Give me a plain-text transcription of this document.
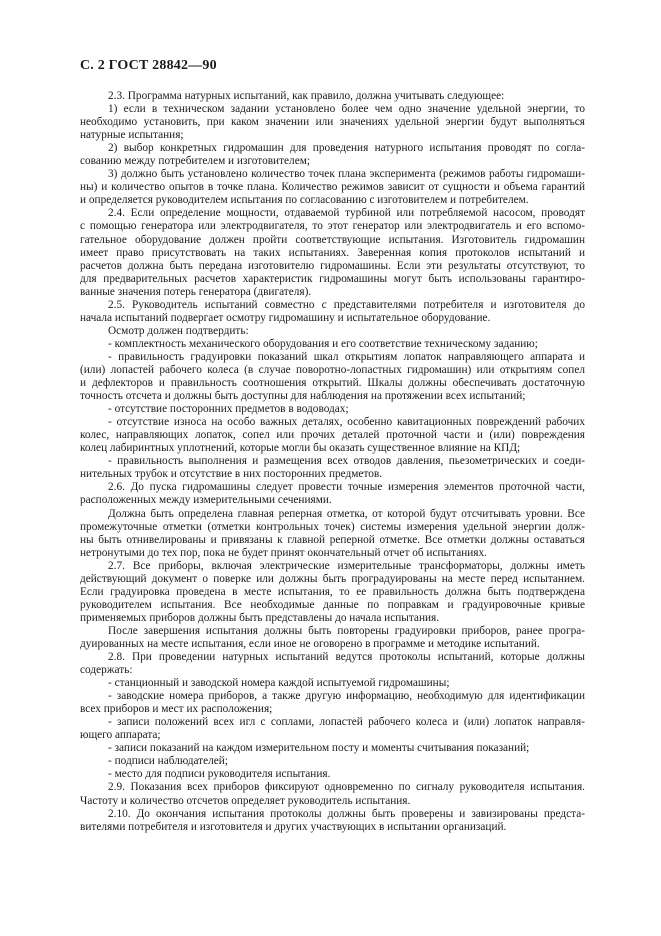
С. 2 ГОСТ 28842—90
2.3. Программа натурных испытаний, как правило, должна учитывать следующее:
1) если в техническом задании установлено более чем одно значение удельной энергии, то
необходимо установить, при каком значении или значениях удельной энергии будут выполняться
натурные испытания;
2) выбор конкретных гидромашин для проведения натурного испытания проводят по согла-
сованию между потребителем и изготовителем;
3) должно быть установлено количество точек плана эксперимента (режимов работы гидромаши-
ны) и количество опытов в точке плана. Количество режимов зависит от сущности и объема гарантий
и определяется руководителем испытания по согласованию с изготовителем и потребителем.
2.4. Если определение мощности, отдаваемой турбиной или потребляемой насосом, проводят
с помощью генератора или электродвигателя, то этот генератор или электродвигатель и его вспомо-
гательное оборудование должен пройти соответствующие испытания. Изготовитель гидромашин
имеет право присутствовать на таких испытаниях. Заверенная копия протоколов испытаний и
расчетов должна быть передана изготовителю гидромашины. Если эти результаты отсутствуют, то
для предварительных расчетов характеристик гидромашины могут быть использованы гарантиро-
ванные значения потерь генератора (двигателя).
2.5. Руководитель испытаний совместно с представителями потребителя и изготовителя до
начала испытаний подвергает осмотру гидромашину и испытательное оборудование.
Осмотр должен подтвердить:
- комплектность механического оборудования и его соответствие техническому заданию;
- правильность градуировки показаний шкал открытиям лопаток направляющего аппарата и
(или) лопастей рабочего колеса (в случае поворотно-лопастных гидромашин) или открытиям сопел
и дефлекторов и правильность соотношения открытий. Шкалы должны обеспечивать достаточную
точность отсчета и должны быть доступны для наблюдения на протяжении всех испытаний;
- отсутствие посторонних предметов в водоводах;
- отсутствие износа на особо важных деталях, особенно кавитационных повреждений рабочих
колес, направляющих лопаток, сопел или прочих деталей проточной части и (или) повреждения
колец лабиринтных уплотнений, которые могли бы оказать существенное влияние на КПД;
- правильность выполнения и размещения всех отводов давления, пьезометрических и соеди-
нительных трубок и отсутствие в них посторонних предметов.
2.6. До пуска гидромашины следует провести точные измерения элементов проточной части,
расположенных между измерительными сечениями.
Должна быть определена главная реперная отметка, от которой будут отсчитывать уровни. Все
промежуточные отметки (отметки контрольных точек) системы измерения удельной энергии долж-
ны быть отнивелированы и привязаны к главной реперной отметке. Все отметки должны оставаться
нетронутыми до тех пор, пока не будет принят окончательный отчет об испытаниях.
2.7. Все приборы, включая электрические измерительные трансформаторы, должны иметь
действующий документ о поверке или должны быть проградуированы на месте перед испытанием.
Если градуировка проведена в месте испытания, то ее правильность должна быть подтверждена
руководителем испытания. Все необходимые данные по поправкам и градуировочные кривые
применяемых приборов должны быть представлены до начала испытания.
После завершения испытания должны быть повторены градуировки приборов, ранее програ-
дуированных на месте испытания, если иное не оговорено в программе и методике испытаний.
2.8. При проведении натурных испытаний ведутся протоколы испытаний, которые должны
содержать:
- станционный и заводской номера каждой испытуемой гидромашины;
- заводские номера приборов, а также другую информацию, необходимую для идентификации
всех приборов и мест их расположения;
- записи положений всех игл с соплами, лопастей рабочего колеса и (или) лопаток направля-
ющего аппарата;
- записи показаний на каждом измерительном посту и моменты считывания показаний;
- подписи наблюдателей;
- место для подписи руководителя испытания.
2.9. Показания всех приборов фиксируют одновременно по сигналу руководителя испытания.
Частоту и количество отсчетов определяет руководитель испытания.
2.10. До окончания испытания протоколы должны быть проверены и завизированы предста-
вителями потребителя и изготовителя и других участвующих в испытании организаций.
